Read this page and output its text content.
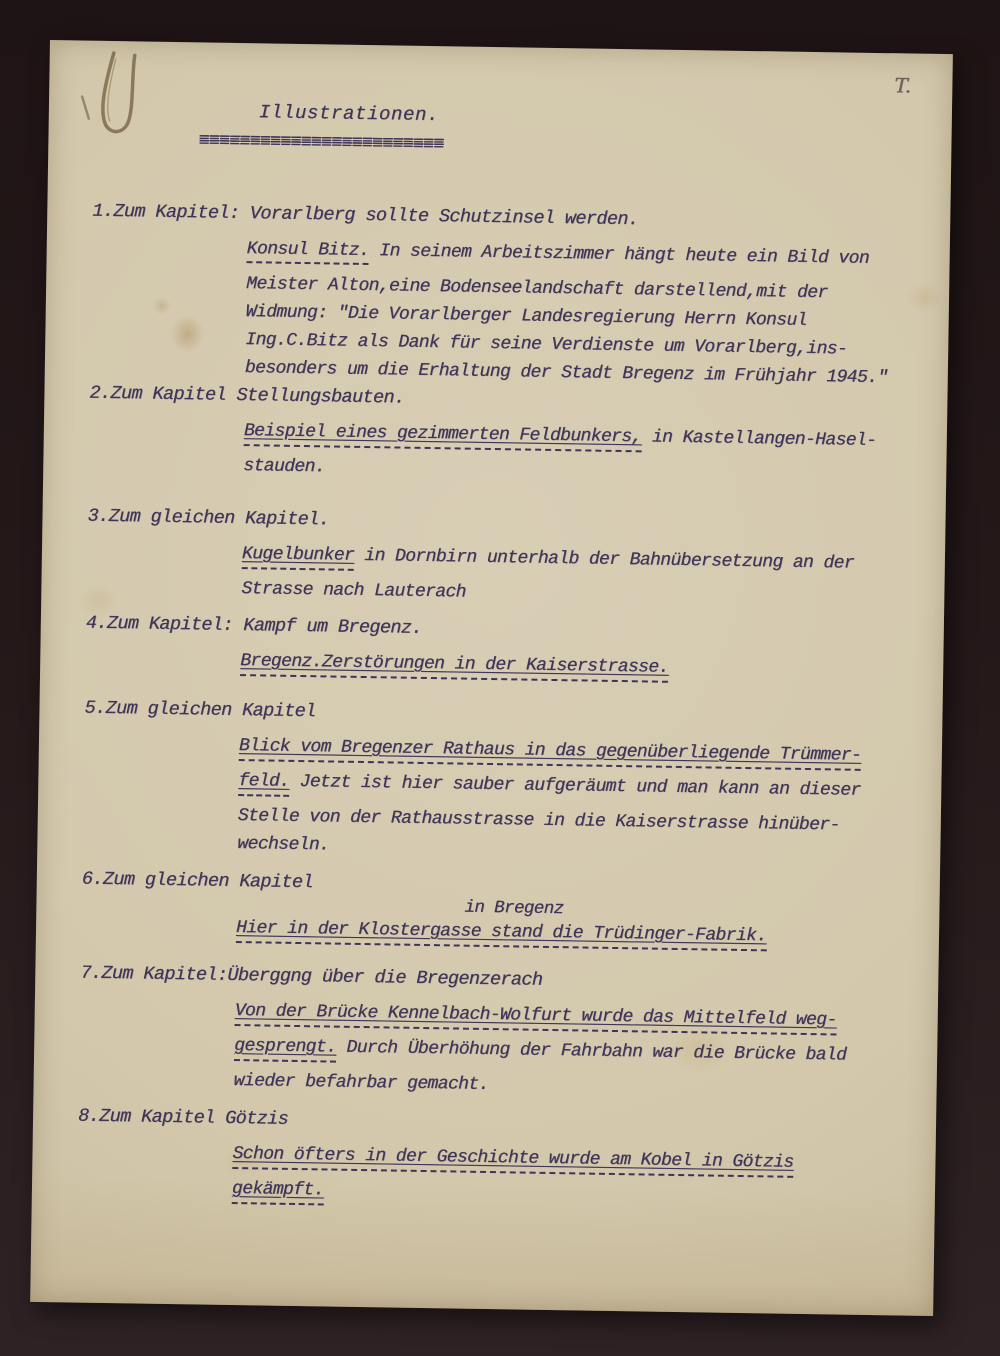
T.
Illustrationen.
========================
1.Zum Kapitel: Vorarlberg sollte Schutzinsel werden.
Konsul Bitz. In seinem Arbeitszimmer hängt heute ein Bild von
Meister Alton,eine Bodenseelandschaft darstellend,mit der
Widmung: "Die Vorarlberger Landesregierung Herrn Konsul
Ing.C.Bitz als Dank für seine Verdienste um Vorarlberg,ins-
besonders um die Erhaltung der Stadt Bregenz im Frühjahr 1945."
2.Zum Kapitel Stellungsbauten.
Beispiel eines gezimmerten Feldbunkers, in Kastellangen-Hasel-
stauden.
3.Zum gleichen Kapitel.
Kugelbunker in Dornbirn unterhalb der Bahnübersetzung an der
Strasse nach Lauterach
4.Zum Kapitel: Kampf um Bregenz.
Bregenz.Zerstörungen in der Kaiserstrasse.
5.Zum gleichen Kapitel
Blick vom Bregenzer Rathaus in das gegenüberliegende Trümmer-
feld. Jetzt ist hier sauber aufgeräumt und man kann an dieser
Stelle von der Rathausstrasse in die Kaiserstrasse hinüber-
wechseln.
6.Zum gleichen Kapitel
in Bregenz
Hier in der Klostergasse stand die Trüdinger-Fabrik.
7.Zum Kapitel:Überggng über die Bregenzerach
Von der Brücke Kennelbach-Wolfurt wurde das Mittelfeld weg-
gesprengt. Durch Überhöhung der Fahrbahn war die Brücke bald
wieder befahrbar gemacht.
8.Zum Kapitel Götzis
Schon öfters in der Geschichte wurde am Kobel in Götzis
gekämpft.
